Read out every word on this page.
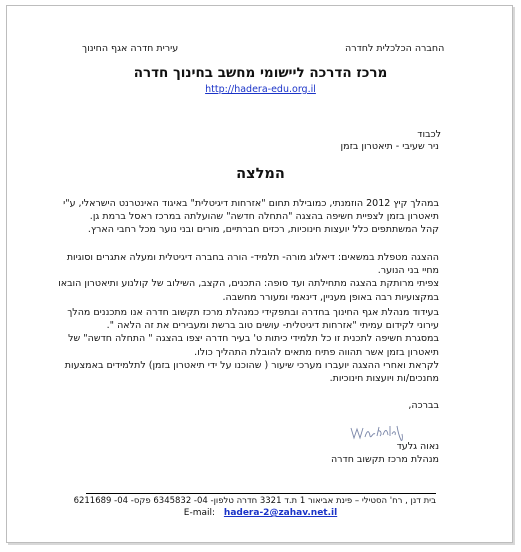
עירית חדרה אגף החינוך	החברה הכלכלית לחדרה
מרכז הדרכה ליישומי מחשב בחינוך חדרה
http://hadera-edu.org.il
לכבוד
ניר שעיבי - תיאטרון בזמן
המלצה
במהלך קיץ 2012 הוזמנתי, כמובילת תחום "אזרחות דיגיטלית" באיגוד האינטרנט הישראלי, ע"י
תיאטרון בזמן לצפיית חשיפה בהצגה "התחלה חדשה" שהועלתה במרכז ראסל ברמת גן.
קהל המשתתפים כלל יועצות חינוכיות, רכזים חברתיים, מורים ובני נוער מכל רחבי הארץ.
ההצגה מטפלת במשאים: דיאלוג מורה- תלמיד- הורה בחברה דיגיטלית ומעלה אתגרים וסוגיות
מחיי בני הנוער.
צפיתי מרותקת בהצגה מתחילתה ועד סופה: התכנים, הקצב, השילוב של קולנוע ותיאטרון הובאו
במקצועיות רבה באופן מעניין, דינאמי ומעורר מחשבה.
בעידוד מנהלת אגף החינוך בחדרה ובתפקידי כמנהלת מרכז תקשוב חדרה אנו מתכננים מהלך
עירוני לקידום עמיתי "אזרחות דיגיטלית- עושים טוב ברשת ומעבירים את זה הלאה ".
במסגרת חשיפה לתכנית זו כל תלמידי כיתות ט' בעיר חדרה יצפו בהצגה " התחלה חדשה" של
תיאטרון בזמן אשר תהווה פתיח מתאים להובלת התהליך כולו.
לקראת ואחרי ההצגה יועברו מערכי שיעור ( שהוכנו על ידי תיאטרון בזמן) לתלמידים באמצעות
מחנכים/ות ויועצות חינוכיות.
בברכה,
נאוה גלעד
מנהלת מרכז תקשוב חדרה
בית דנן , רח' הסטילי – פינת אביאור 1 ת.ד 3321 חדרה טלפון- 04- 6345832 פקס- 04- 6211689
E-mail: hadera-2@zahav.net.il
